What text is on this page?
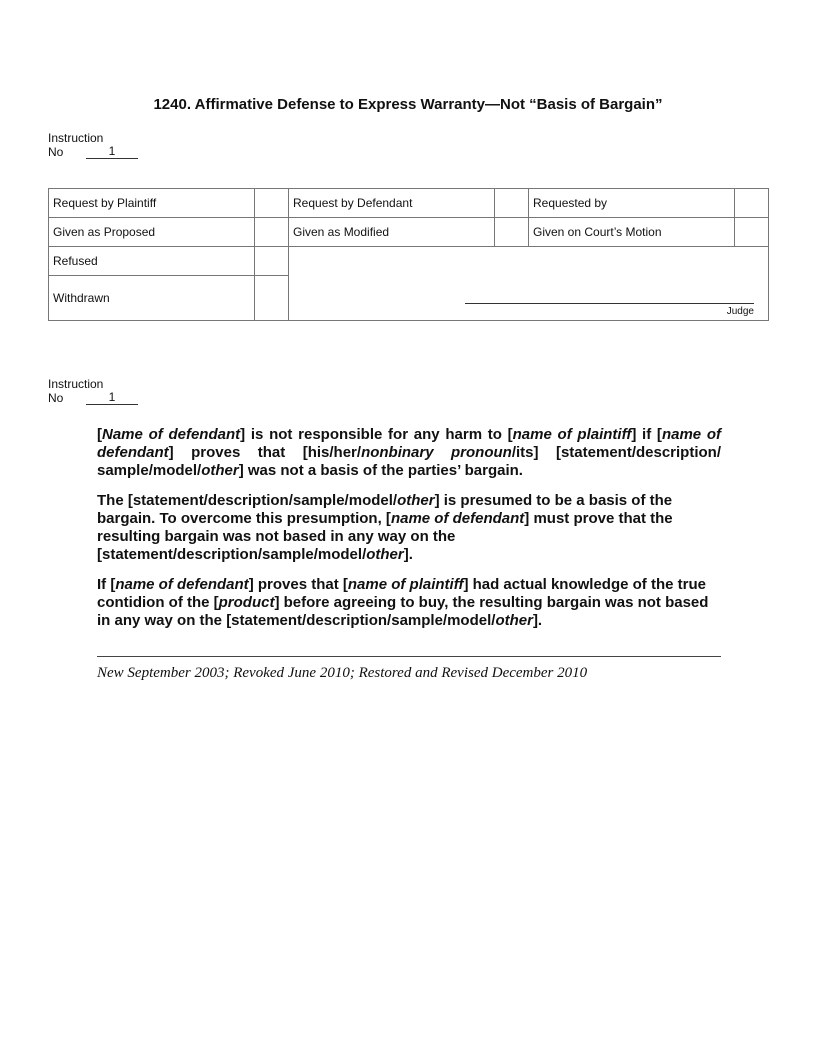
1240. Affirmative Defense to Express Warranty—Not “Basis of Bargain”
Instruction
No	1
Request by Plaintiff		Request by Defendant		Requested by	
Given as Proposed		Given as Modified		Given on Court’s Motion	
Refused		Judge			

Withdrawn					
Instruction
No	1

[Name of defendant] is not responsible for any harm to [name of plaintiff] if [name of defendant] proves that [his/her/nonbinary pronoun/its] [statement/description/ sample/model/other] was not a basis of the parties’ bargain.

The [statement/description/sample/model/other] is presumed to be a basis of the bargain. To overcome this presumption, [name of defendant] must prove that the resulting bargain was not based in any way on the [statement/description/sample/model/other].

If [name of defendant] proves that [name of plaintiff] had actual knowledge of the true contidion of the [product] before agreeing to buy, the resulting bargain was not based in any way on the [statement/description/sample/model/other].

New September 2003; Revoked June 2010; Restored and Revised December 2010
